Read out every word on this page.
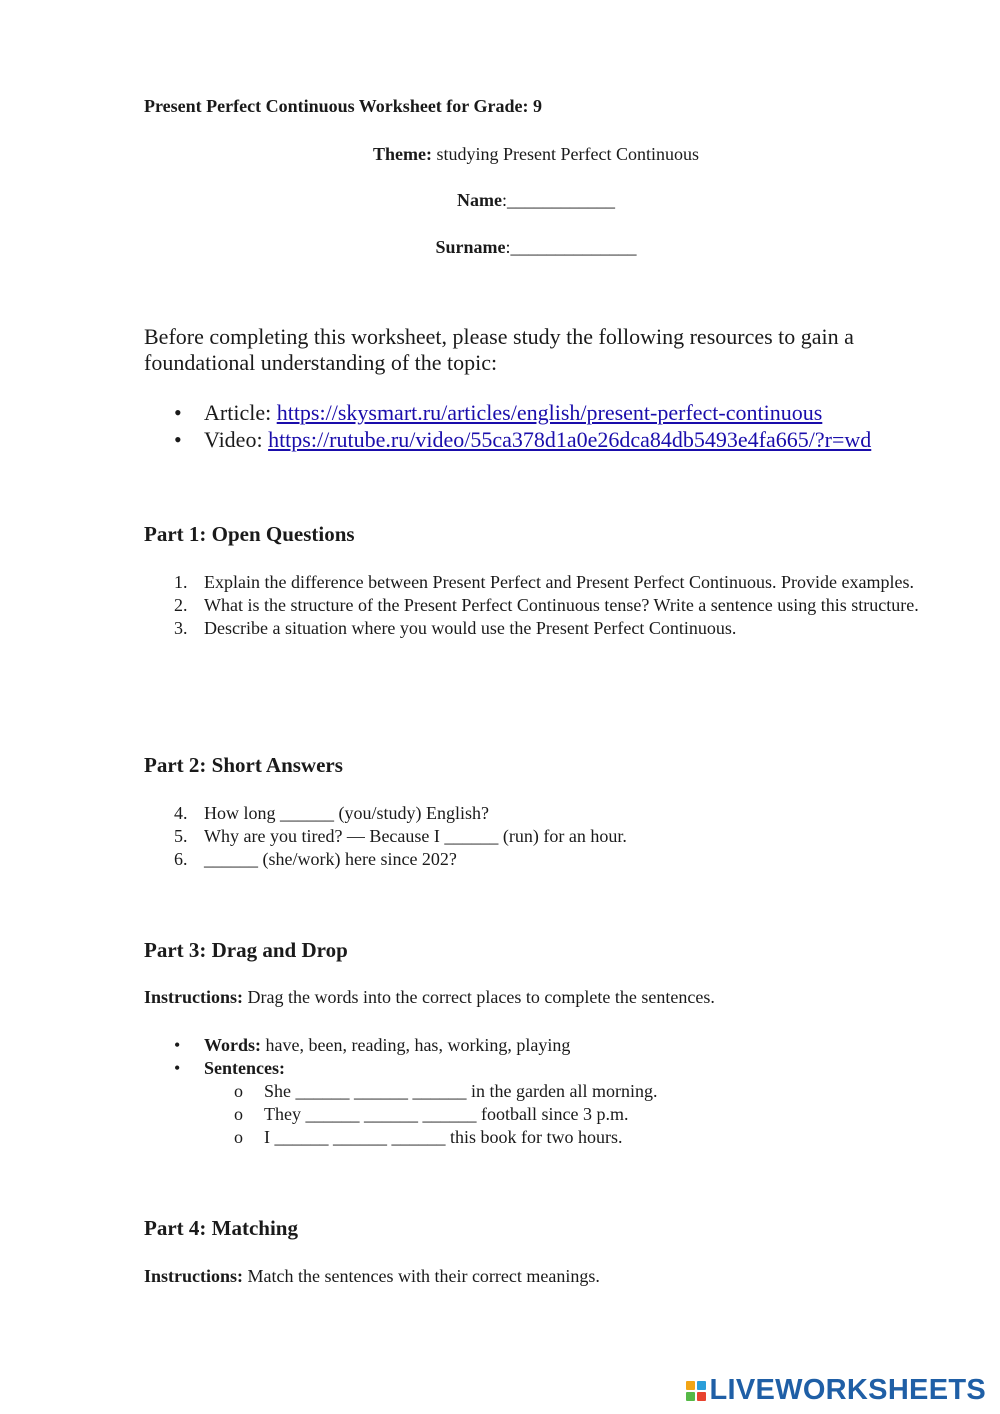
Present Perfect Continuous Worksheet for Grade: 9
Theme: studying Present Perfect Continuous
Name:____________
Surname:______________
Before completing this worksheet, please study the following resources to gain a foundational understanding of the topic:
• Article: https://skysmart.ru/articles/english/present-perfect-continuous
• Video: https://rutube.ru/video/55ca378d1a0e26dca84db5493e4fa665/?r=wd
Part 1: Open Questions
1. Explain the difference between Present Perfect and Present Perfect Continuous. Provide examples.
2. What is the structure of the Present Perfect Continuous tense? Write a sentence using this structure.
3. Describe a situation where you would use the Present Perfect Continuous.
Part 2: Short Answers
4. How long ______ (you/study) English?
5. Why are you tired? — Because I ______ (run) for an hour.
6. ______ (she/work) here since 202?
Part 3: Drag and Drop
Instructions: Drag the words into the correct places to complete the sentences.
•	Words: have, been, reading, has, working, playing
•	Sentences:
o	She ______ ______ ______ in the garden all morning.
o	They ______ ______ ______ football since 3 p.m.
o	I ______ ______ ______ this book for two hours.
Part 4: Matching
Instructions: Match the sentences with their correct meanings.
LIVEWORKSHEETS
